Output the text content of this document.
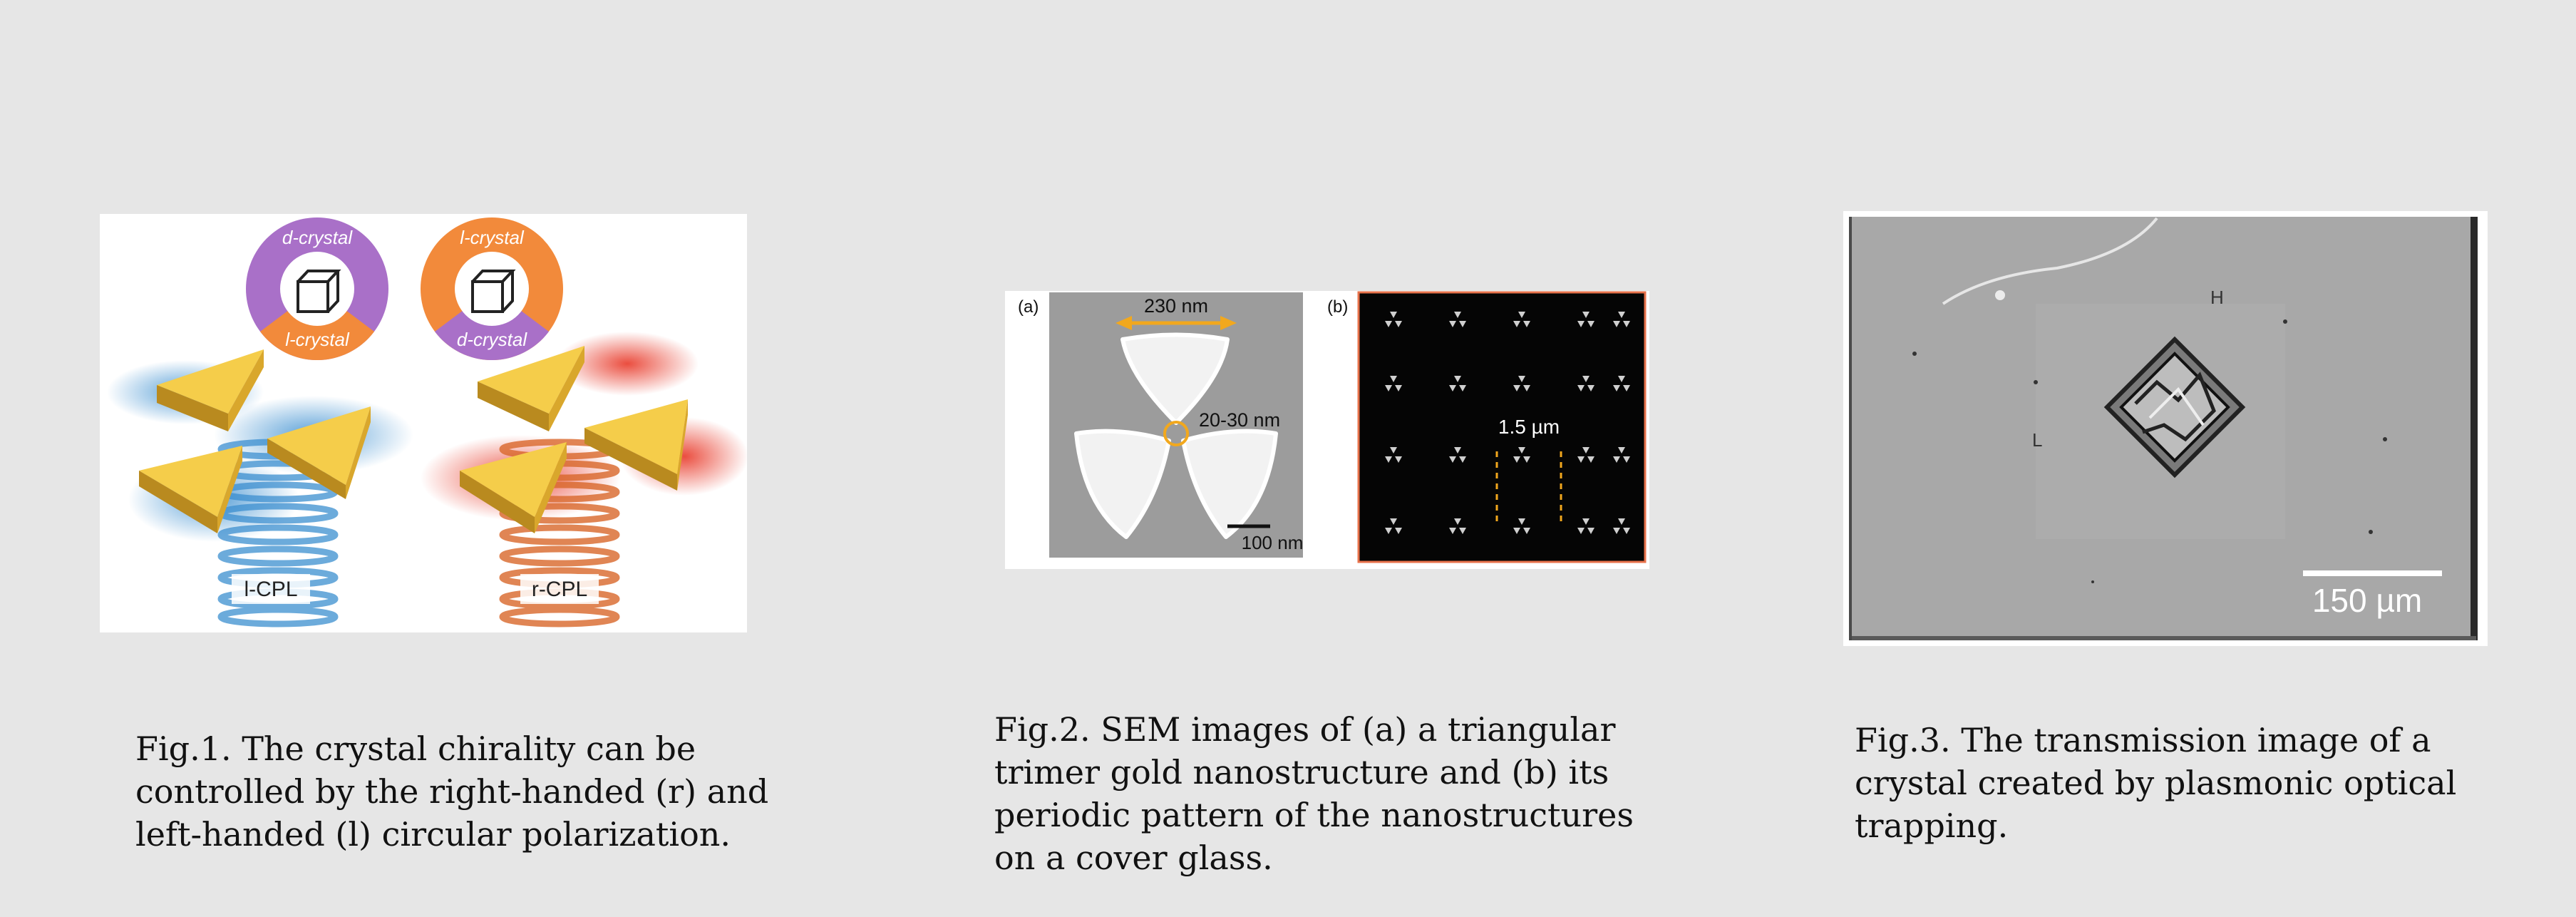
d-crystal
l-crystal
l-crystal
d-crystal
l-CPL	r-CPL
Fig.1. The crystal chirality can be controlled by the right-handed (r) and left-handed (l) circular polarization.
(a)	230 nm
20-30 nm
100 nm
(b)
1.5 µm
Fig.2. SEM images of (a) a triangular trimer gold nanostructure and (b) its periodic pattern of the nanostructures on a cover glass.
L
H
150 µm
Fig.3. The transmission image of a crystal created by plasmonic optical trapping.
